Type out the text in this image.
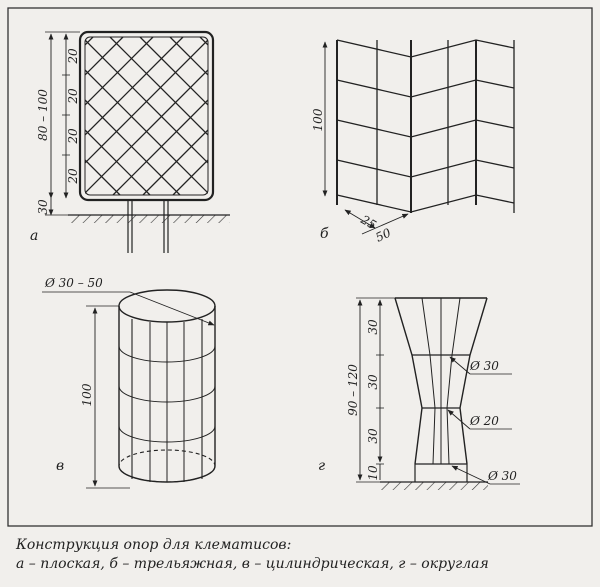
80 – 100
20
20
20
20
30
а
100
25
50
б
Ø 30 – 50
100
в
90 – 120
30
30
30
10
Ø 30
Ø 20
Ø 30
г
Конструкция опор для клематисов:
а – плоская, б – трельяжная, в – цилиндрическая, г – округлая
